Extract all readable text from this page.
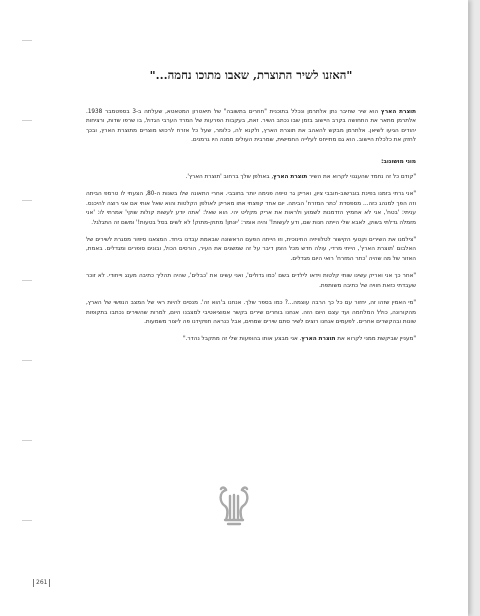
"האזנו לשיר התוצרת, שאבו מתוכו נחמה..."

תוצרת הארץ הוא שיר שחיבר נתן אלתרמן ונכלל בתוכנית "חוזרים בתשובה" של תיאטרון המטאטא, שעלתה ב-3 בספטמבר 1938. אלתרמן מתאר את התחושה בקרב היישוב בזמן שבו נכתב השיר. זאת, בעקבות הפרעות של המרד הערבי הגדול, בו שרפו שדות, ורציחות יהודים הגיעו לשיאן. אלתרמן מבקש להאהב את תוצרת הארץ, ולקנא לה, כלומר, שעל כל אזרח לרכוש מוצרים מתוצרת הארץ, ובכך לחזק את כלכלת היישוב. הוא גם מתייחס לעלייה החמישית, שמרבית העולים ממנה היו גרמנים.

מוני מושונוב:

"קודם כל זה נחמד שהעגנוי לקרוא את השיר תוצרת הארץ, באולפן שלך ברחוב 'תוצרת הארץ'.

"אני גרתי בזמנו בפינת בוגרשוב-חובבי ציון, ואריק גר טיפה פנימה יותר בחובבי. אחרי התאונה שלו בשנות ה-80, הצעתי לו טרמפ הביתה וזה הפך למנהג כזה... מספסדת 'כתר המזרח' הביתה. יום אחד קפצתי אתו מאריק לאולפן הקלטות והוא שאל אותי אם אני רוצה להיכנס. עניתי: 'בטח', אני לא אחמיץ הזדמנות לשמוע ולראות את אריק מקליט יהי. הוא שאל: 'אתה יודע לעשות קולות שוקי' אמרתי לו: 'אני מזמלה גדלתי בשוק, לאבא שלי הייתה חנות שם, ודע לעשות!' והיה אומר: 'יונתן! מתוק-מתוק! לא לשים בסל בטעות!' ומשם זה התגלגל.

"צילמנו את השירים וקטעי הקישור לטלוויזיה החינוכית, וזו הייתה הפעם הראשונה שבאמת עבדנו ביחד. המצאנו סיפור מסגרת לשירים של האלבום 'תוצרת הארץ', הייתי מרדי, עולה חדש מכל הזמן דיבר על זה שמשנים את העיר, הורסים הכול, ובונים סופרים ומגדלים. באמת, האזור של מה שהיה 'כתר המזרח' רואי היום מגדלים.

"אחר כך אני ואריק עשינו שותי קלטות וידאו לילדים בשם 'כמו גדולים', ואני עשינו את 'כבלים', שהיה תהליך כתיבה מענג וייחודי. לא זוכר שעבדתי כזאת חוויה של כתיבה משותפת.

"מי האמין שזהו זה, יחזור עם כל כך הרבה עוצמה...? כמו בספר שלך. אנחנו ב'הוא זה'. מנסים להיות ראי של המצב הנפשי של הארץ, מהקורונה, כולל המלחמה ועד עצם היום הזה. אנחנו בוחרים שירים בקשר אסוציאטיבי למצבנו היום, למרות שהשירים נכתבו בתקופות שונות ובהקשרים אחרים. לפעמים אנחנו רוצים לשיר סתם שירים שמחים, אבל כנראה תפקידנו פה ליצור משמעות.

"מעניין שביקשת ממני לקרוא את תוצרת הארץ. אני מבצע אותו בהופעות שלי זה מתקבל נהדר."

261
